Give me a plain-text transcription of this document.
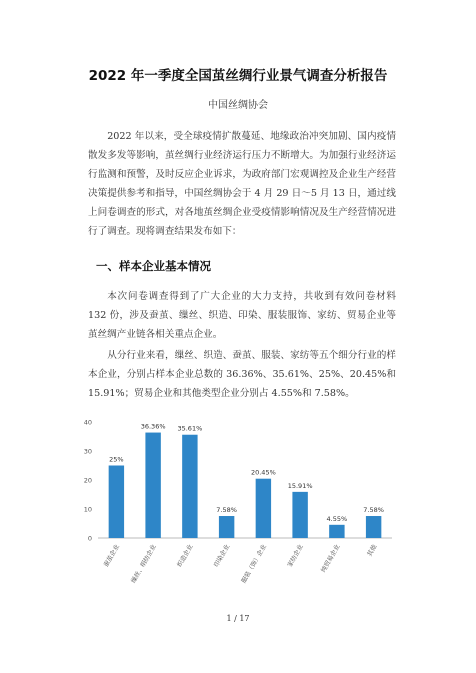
2022 年一季度全国茧丝绸行业景气调查分析报告
中国丝绸协会

2022 年以来，受全球疫情扩散蔓延、地缘政治冲突加剧、国内疫情散发多发等影响，茧丝绸行业经济运行压力不断增大。为加强行业经济运行监测和预警，及时反应企业诉求，为政府部门宏观调控及企业生产经营决策提供参考和指导，中国丝绸协会于 4 月 29 日～5 月 13 日，通过线上问卷调查的形式，对各地茧丝绸企业受疫情影响情况及生产经营情况进行了调查。现将调查结果发布如下：

一、样本企业基本情况

本次问卷调查得到了广大企业的大力支持，共收到有效问卷材料 132 份，涉及蚕茧、缫丝、织造、印染、服装服饰、家纺、贸易企业等茧丝绸产业链各相关重点企业。

从分行业来看，缫丝、织造、蚕茧、服装、家纺等五个细分行业的样本企业，分别占样本企业总数的 36.36%、35.61%、25%、20.45%和 15.91%；贸易企业和其他类型企业分别占 4.55%和 7.58%。

0
10
20
30
40
25%
36.36% 35.61%
7.58%
20.45%
15.91%
4.55%
7.58%
蚕茧企业 缫丝、绢纺企业	织造企业	印染企业 服装（饰）企业	家纺企业 纯贸易企业	其他
1 / 17
